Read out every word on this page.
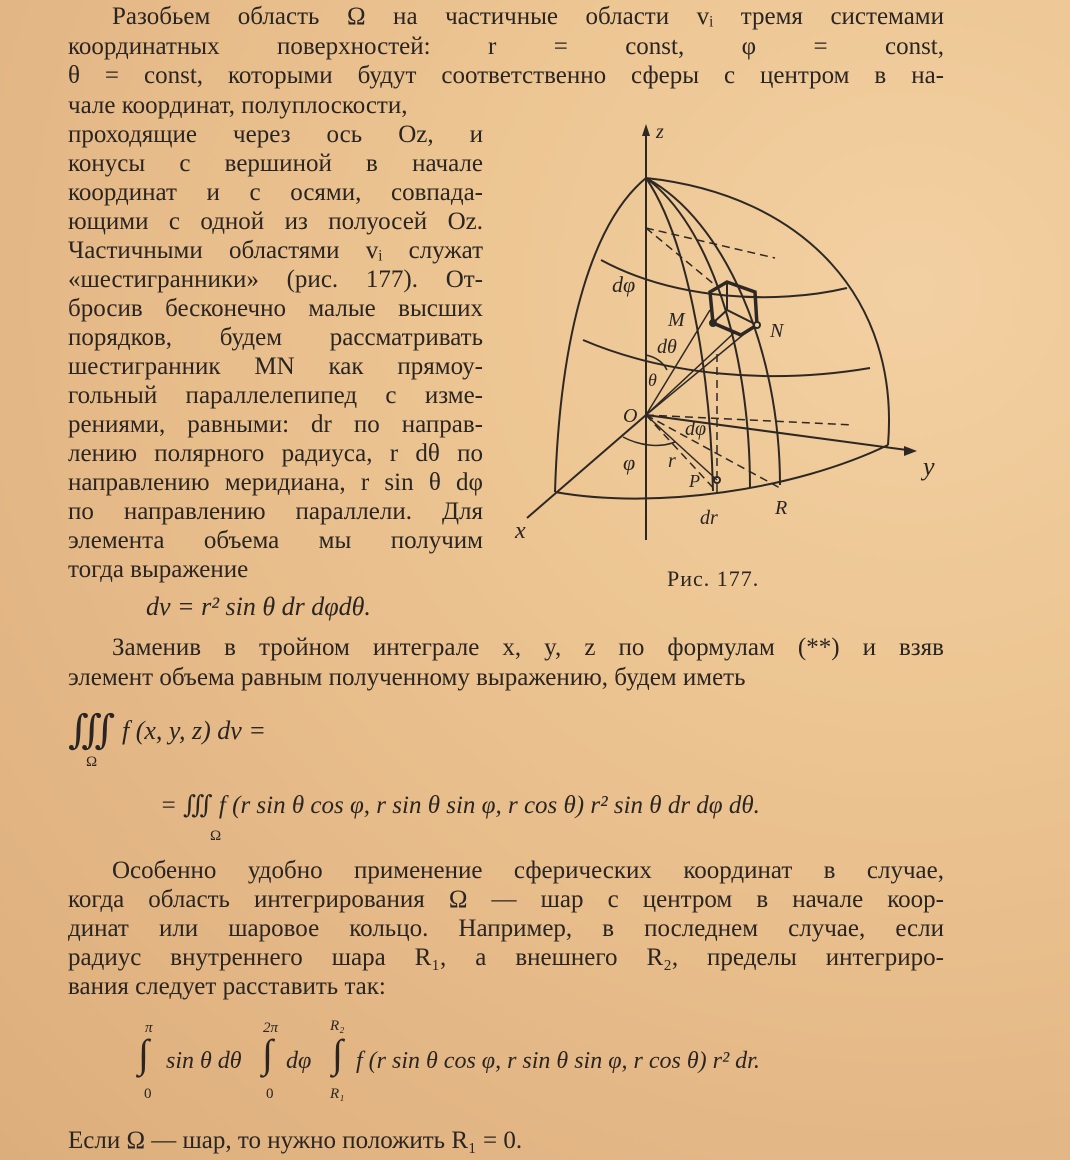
Разобьем область Ω на частичные области vᵢ тремя системами
координатных поверхностей: r = const, φ = const,
θ = const, которыми будут соответственно сферы с центром в на-
чале координат, полуплоскости,
проходящие через ось Oz, и
конусы с вершиной в начале
координат и с осями, совпада-
ющими с одной из полуосей Oz.
Частичными областями vᵢ служат
«шестигранники» (рис. 177). От-
бросив бесконечно малые высших
порядков, будем рассматривать
шестигранник MN как прямоу-
гольный параллелепипед с изме-
рениями, равными: dr по направ-
лению полярного радиуса, r dθ по
направлению меридиана, r sin θ dφ
по направлению параллели. Для
элемента объема мы получим
тогда выражение
dv = r² sin θ dr dφdθ.
z
y
x
O
M	N
P
R
dφ
dθ
θ
dφ
φ r
dr
Рис. 177.
Заменив в тройном интеграле x, y, z по формулам (**) и взяв
элемент объема равным полученному выражению, будем иметь
∭
Ω
f (x, y, z) dv =
= ∭ f (r sin θ cos φ, r sin θ sin φ, r cos θ) r² sin θ dr dφ dθ.
Ω
Особенно удобно применение сферических координат в случае,
когда область интегрирования Ω — шар с центром в начале коор-
динат или шаровое кольцо. Например, в последнем случае, если
радиус внутреннего шара R₁, а внешнего R₂, пределы интегриро-
вания следует расставить так:
π
∫
0
sin θ dθ
2π
∫
0
dφ
R₂
∫
R₁
f (r sin θ cos φ, r sin θ sin φ, r cos θ) r² dr.
Если Ω — шар, то нужно положить R₁ = 0.
